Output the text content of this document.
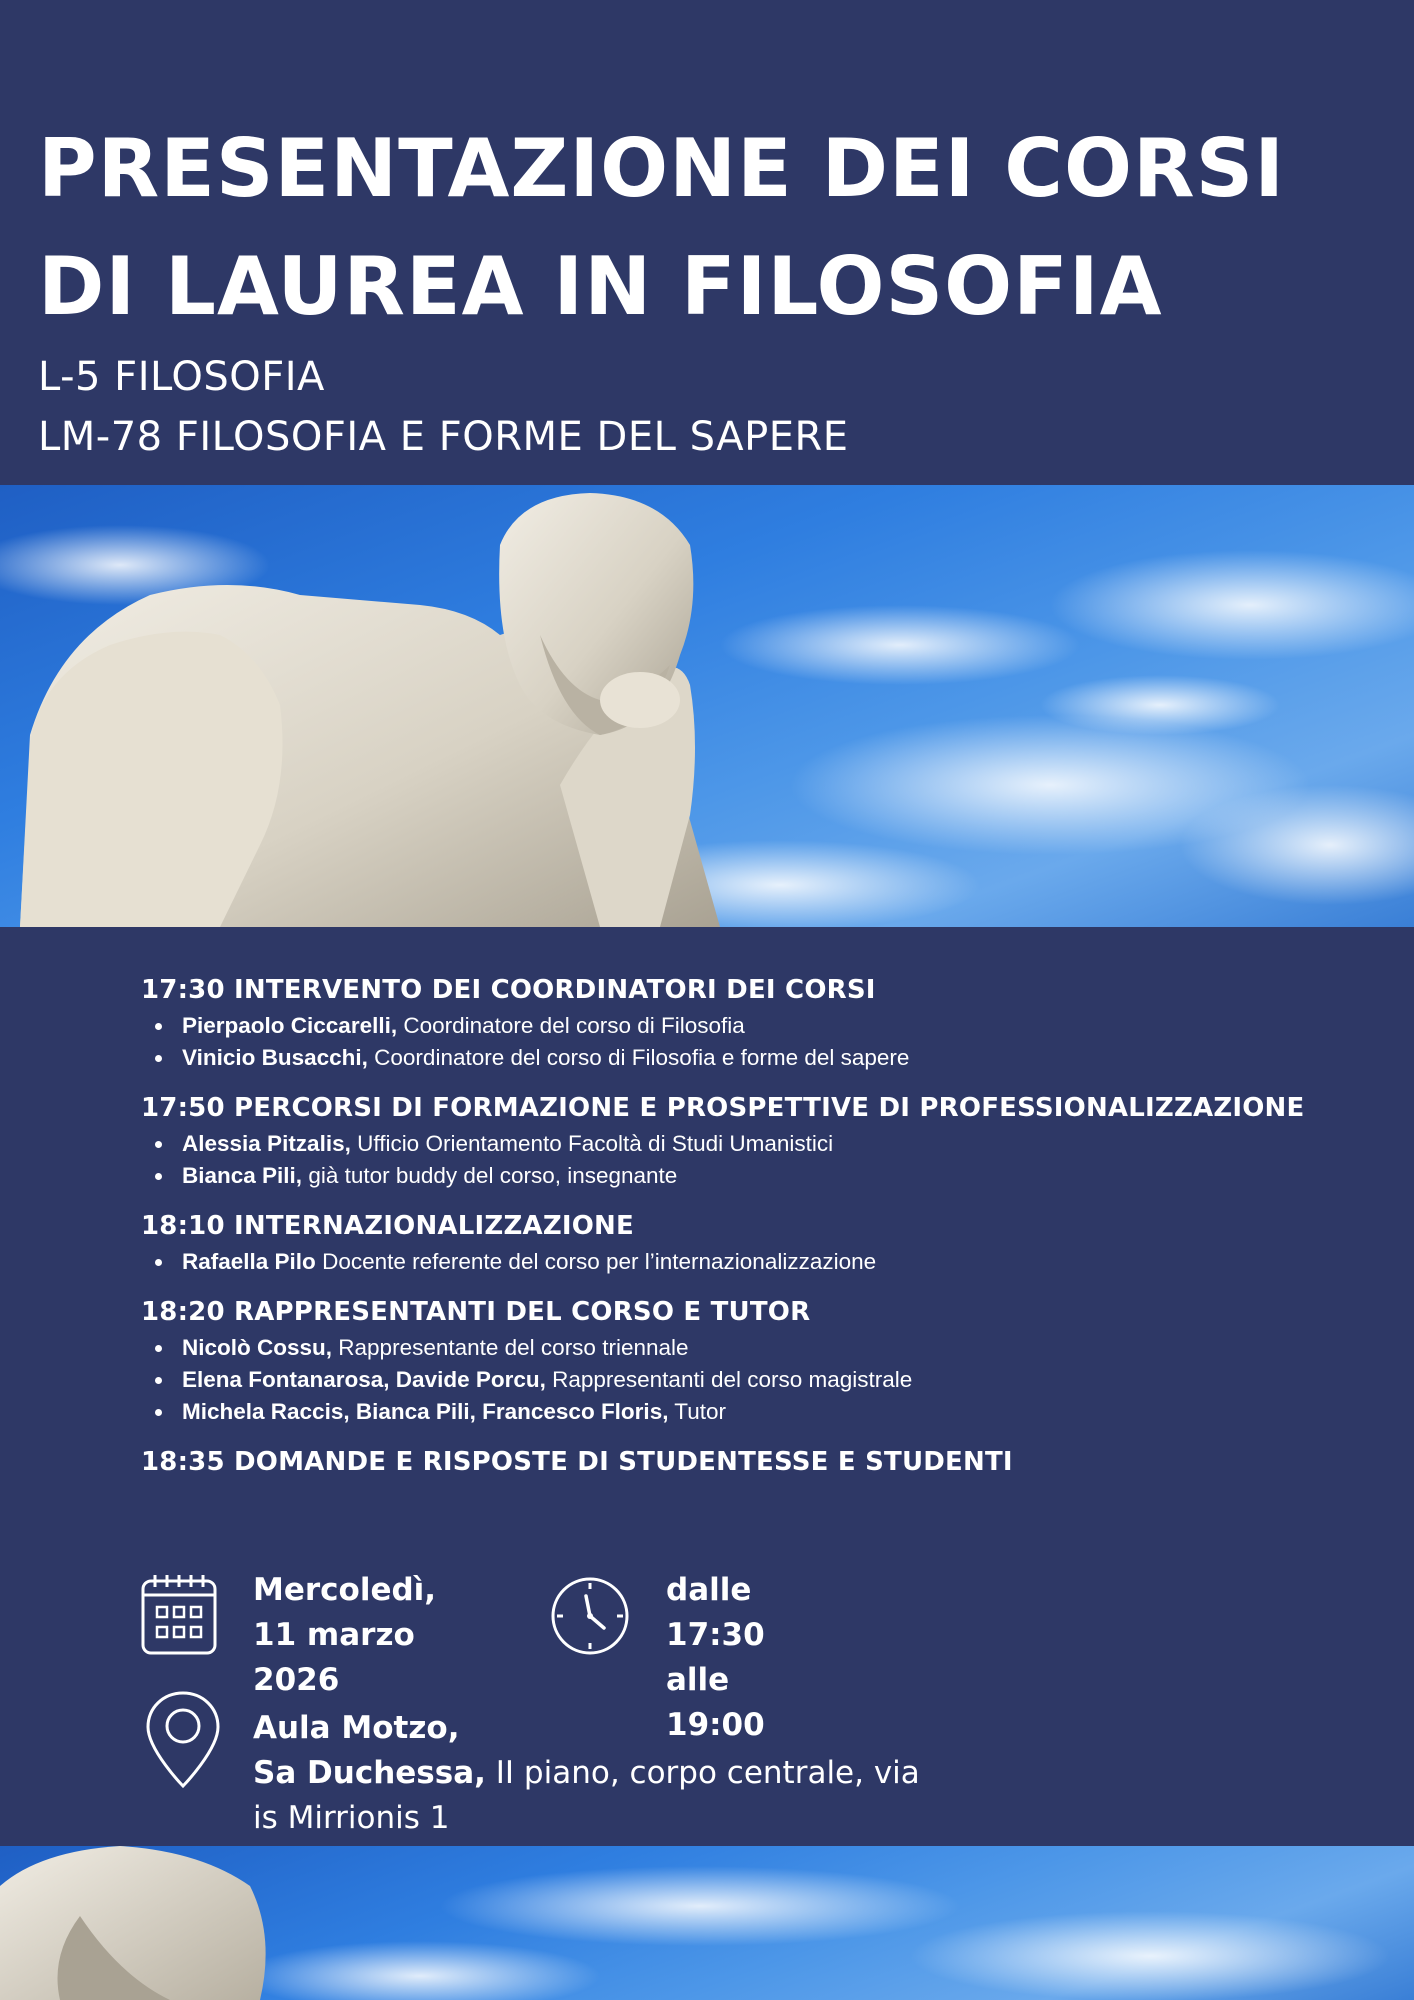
PRESENTAZIONE DEI CORSI
DI LAUREA IN FILOSOFIA
L-5 FILOSOFIA
LM-78 FILOSOFIA E FORME DEL SAPERE
17:30 INTERVENTO DEI COORDINATORI DEI CORSI
Pierpaolo Ciccarelli, Coordinatore del corso di Filosofia
Vinicio Busacchi, Coordinatore del corso di Filosofia e forme del sapere
17:50 PERCORSI DI FORMAZIONE E PROSPETTIVE DI PROFESSIONALIZZAZIONE
Alessia Pitzalis, Ufficio Orientamento Facoltà di Studi Umanistici
Bianca Pili, già tutor buddy del corso, insegnante
18:10 INTERNAZIONALIZZAZIONE
Rafaella Pilo Docente referente del corso per l’internazionalizzazione
18:20 RAPPRESENTANTI DEL CORSO E TUTOR
Nicolò Cossu, Rappresentante del corso triennale
Elena Fontanarosa, Davide Porcu, Rappresentanti del corso magistrale
Michela Raccis, Bianca Pili, Francesco Floris, Tutor
18:35 DOMANDE E RISPOSTE DI STUDENTESSE E STUDENTI
Mercoledì,
11 marzo 2026
dalle 17:30
alle 19:00
Aula Motzo,
Sa Duchessa, II piano, corpo centrale, via
is Mirrionis 1
